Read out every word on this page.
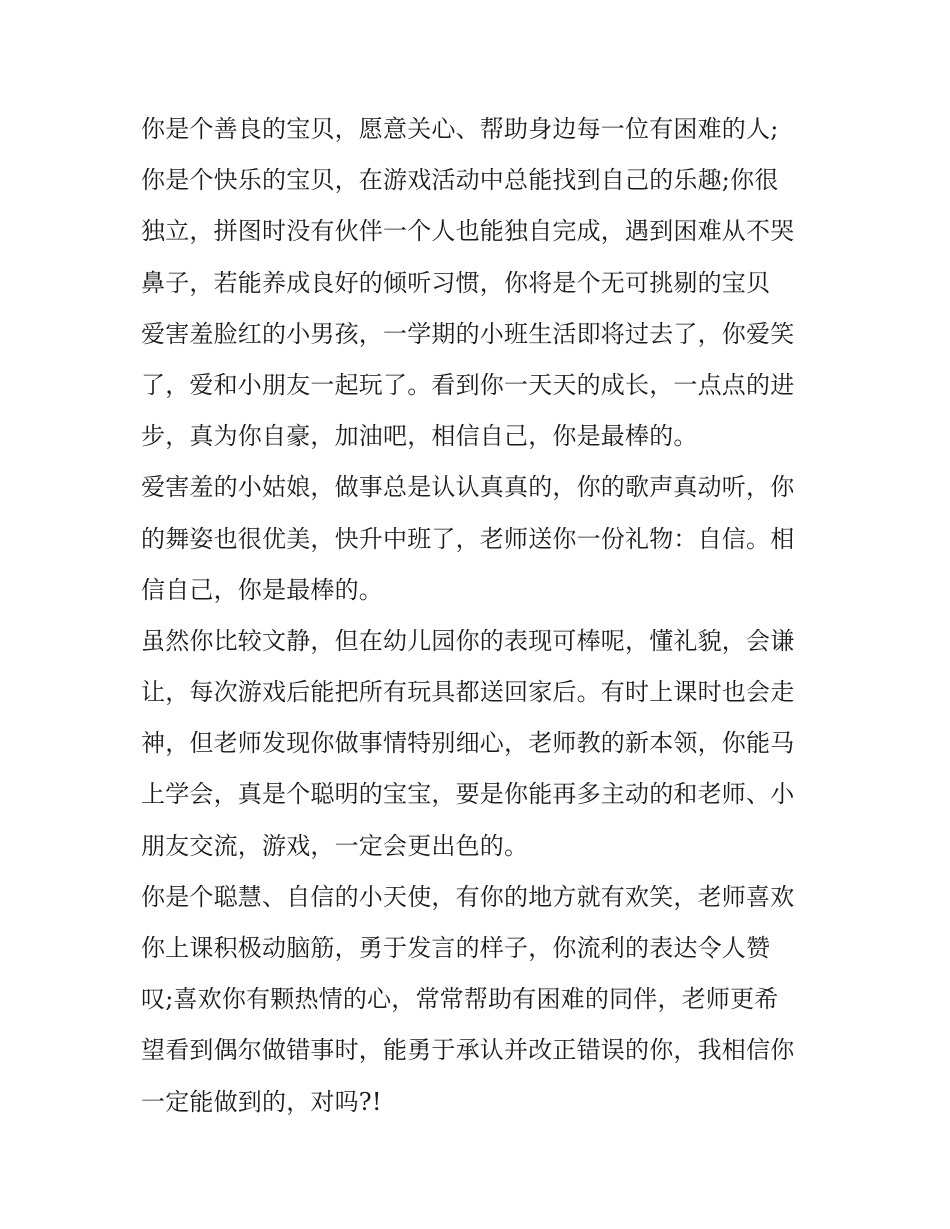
你是个善良的宝贝，愿意关心、帮助身边每一位有困难的人;
你是个快乐的宝贝，在游戏活动中总能找到自己的乐趣;你很
独立，拼图时没有伙伴一个人也能独自完成，遇到困难从不哭
鼻子，若能养成良好的倾听习惯，你将是个无可挑剔的宝贝
爱害羞脸红的小男孩，一学期的小班生活即将过去了，你爱笑
了，爱和小朋友一起玩了。看到你一天天的成长，一点点的进
步，真为你自豪，加油吧，相信自己，你是最棒的。
爱害羞的小姑娘，做事总是认认真真的，你的歌声真动听，你
的舞姿也很优美，快升中班了，老师送你一份礼物：自信。相
信自己，你是最棒的。
虽然你比较文静，但在幼儿园你的表现可棒呢，懂礼貌，会谦
让，每次游戏后能把所有玩具都送回家后。有时上课时也会走
神，但老师发现你做事情特别细心，老师教的新本领，你能马
上学会，真是个聪明的宝宝，要是你能再多主动的和老师、小
朋友交流，游戏，一定会更出色的。
你是个聪慧、自信的小天使，有你的地方就有欢笑，老师喜欢
你上课积极动脑筋，勇于发言的样子，你流利的表达令人赞
叹;喜欢你有颗热情的心，常常帮助有困难的同伴，老师更希
望看到偶尔做错事时，能勇于承认并改正错误的你，我相信你
一定能做到的，对吗?!
